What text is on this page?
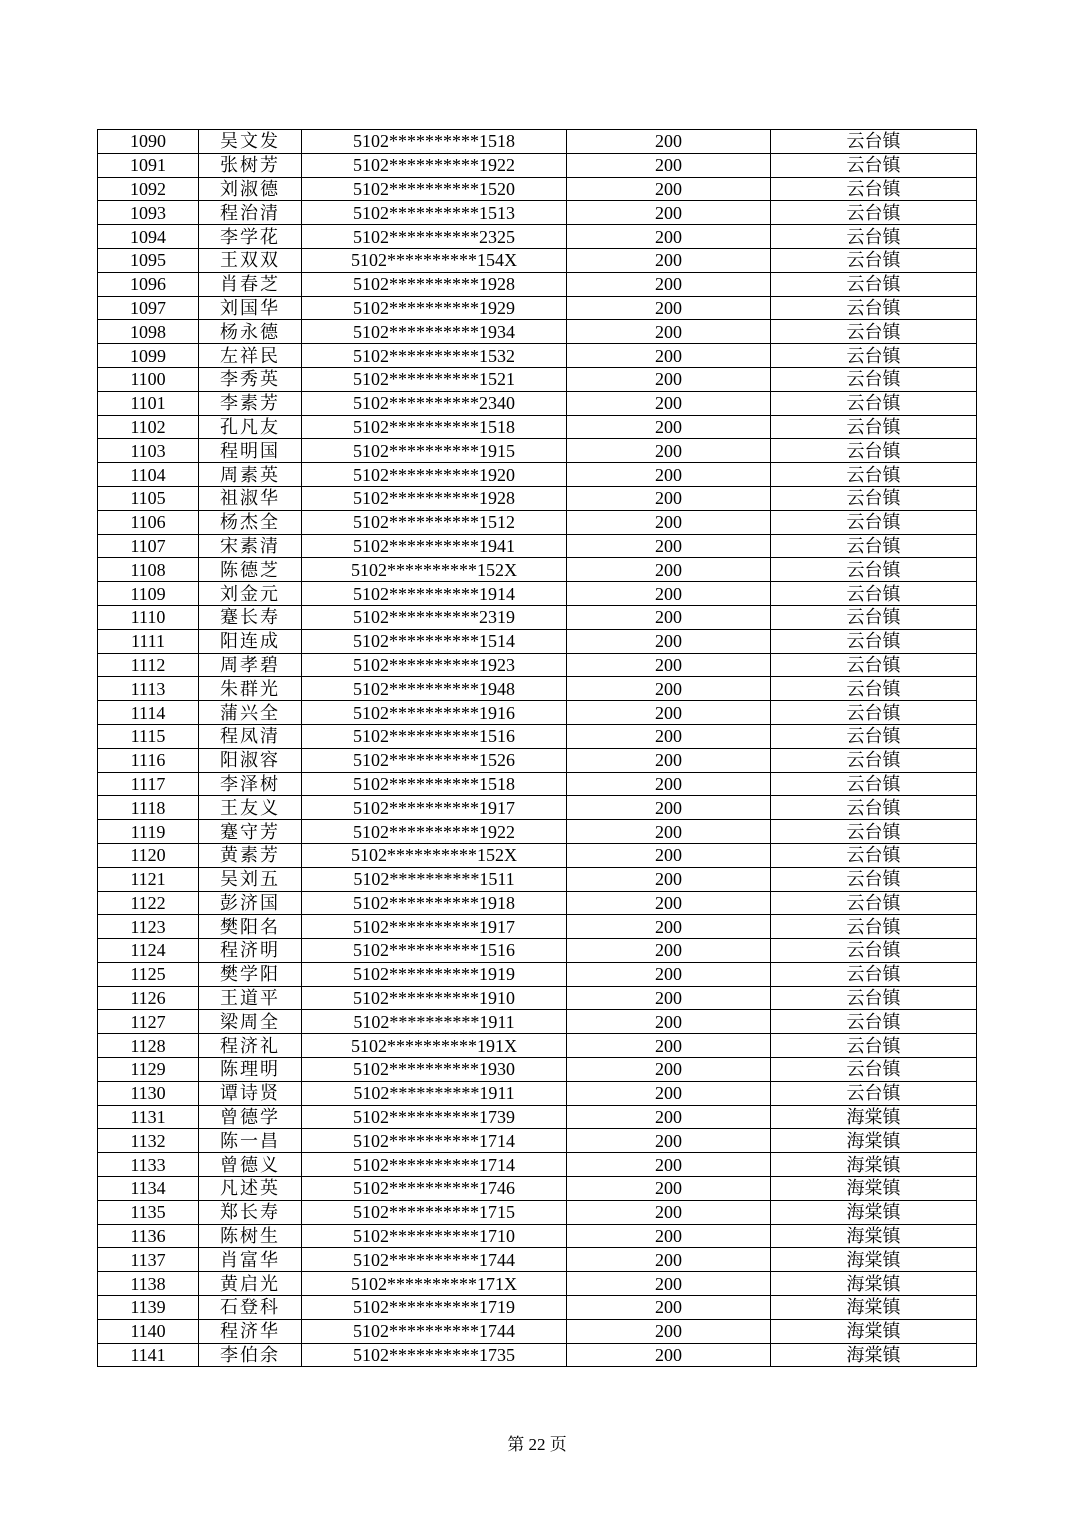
1090	吴文发	5102**********1518	200	云台镇
1091	张树芳	5102**********1922	200	云台镇
1092	刘淑德	5102**********1520	200	云台镇
1093	程治清	5102**********1513	200	云台镇
1094	李学花	5102**********2325	200	云台镇
1095	王双双	5102**********154X	200	云台镇
1096	肖春芝	5102**********1928	200	云台镇
1097	刘国华	5102**********1929	200	云台镇
1098	杨永德	5102**********1934	200	云台镇
1099	左祥民	5102**********1532	200	云台镇
1100	李秀英	5102**********1521	200	云台镇
1101	李素芳	5102**********2340	200	云台镇
1102	孔凡友	5102**********1518	200	云台镇
1103	程明国	5102**********1915	200	云台镇
1104	周素英	5102**********1920	200	云台镇
1105	祖淑华	5102**********1928	200	云台镇
1106	杨杰全	5102**********1512	200	云台镇
1107	宋素清	5102**********1941	200	云台镇
1108	陈德芝	5102**********152X	200	云台镇
1109	刘金元	5102**********1914	200	云台镇
1110	蹇长寿	5102**********2319	200	云台镇
1111	阳连成	5102**********1514	200	云台镇
1112	周孝碧	5102**********1923	200	云台镇
1113	朱群光	5102**********1948	200	云台镇
1114	蒲兴全	5102**********1916	200	云台镇
1115	程凤清	5102**********1516	200	云台镇
1116	阳淑容	5102**********1526	200	云台镇
1117	李泽树	5102**********1518	200	云台镇
1118	王友义	5102**********1917	200	云台镇
1119	蹇守芳	5102**********1922	200	云台镇
1120	黄素芳	5102**********152X	200	云台镇
1121	吴刘五	5102**********1511	200	云台镇
1122	彭济国	5102**********1918	200	云台镇
1123	樊阳名	5102**********1917	200	云台镇
1124	程济明	5102**********1516	200	云台镇
1125	樊学阳	5102**********1919	200	云台镇
1126	王道平	5102**********1910	200	云台镇
1127	梁周全	5102**********1911	200	云台镇
1128	程济礼	5102**********191X	200	云台镇
1129	陈理明	5102**********1930	200	云台镇
1130	谭诗贤	5102**********1911	200	云台镇
1131	曾德学	5102**********1739	200	海棠镇
1132	陈一昌	5102**********1714	200	海棠镇
1133	曾德义	5102**********1714	200	海棠镇
1134	凡述英	5102**********1746	200	海棠镇
1135	郑长寿	5102**********1715	200	海棠镇
1136	陈树生	5102**********1710	200	海棠镇
1137	肖富华	5102**********1744	200	海棠镇
1138	黄启光	5102**********171X	200	海棠镇
1139	石登科	5102**********1719	200	海棠镇
1140	程济华	5102**********1744	200	海棠镇
1141	李伯余	5102**********1735	200	海棠镇
第 22 页
